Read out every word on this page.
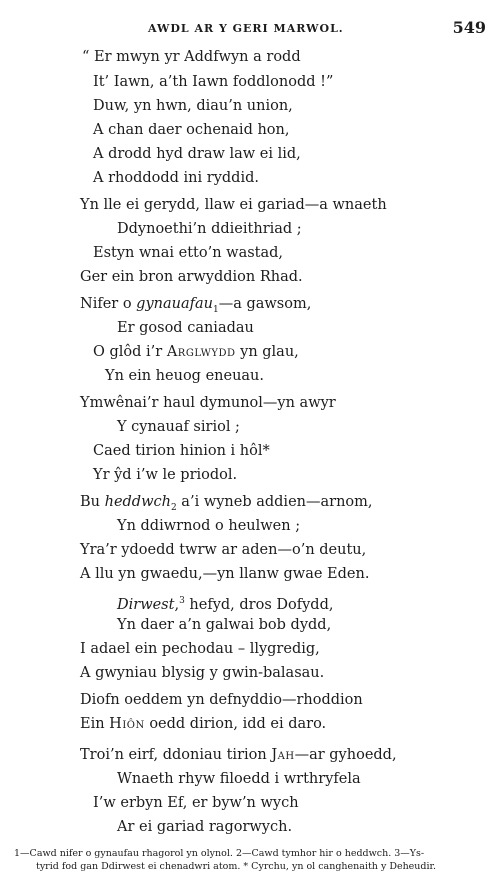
AWDL AR Y GERI MARWOL.	549
“ Er mwyn yr Addfwyn a rodd
It’ Iawn, a’th Iawn foddlonodd !”
Duw, yn hwn, diau’n union,
A chan daer ochenaid hon,
A drodd hyd draw law ei lid,
A rhoddodd ini ryddid.
Yn lle ei gerydd, llaw ei gariad—a wnaeth
Ddynoethi’n ddieithriad ;
Estyn wnai etto’n wastad,
Ger ein bron arwyddion Rhad.
Nifer o gynauafau$_1$—a gawsom,
Er gosod caniadau
O glôd i’r Arglwydd yn glau,
Yn ein heuog eneuau.
Ymwênai’r haul dymunol—yn awyr
Y cynauaf siriol ;
Caed tirion hinion i hôl*
Yr ŷd i’w le priodol.
Bu heddwch$_2$ a’i wyneb addien—arnom,
Yn ddiwrnod o heulwen ;
Yra’r ydoedd twrw ar aden—o’n deutu,
A llu yn gwaedu,—yn llanw gwae Eden.
Dirwest,$^3$ hefyd, dros Dofydd,
Yn daer a’n galwai bob dydd,
I adael ein pechodau – llygredig,
A gwyniau blysig y gwin-balasau.
Diofn oeddem yn defnyddio—rhoddion
Ein Hiôn oedd dirion, idd ei daro.
Troi’n eirf, ddoniau tirion Jah—ar gyhoedd,
Wnaeth rhyw filoedd i wrthryfela
I’w erbyn Ef, er byw’n wych
Ar ei gariad ragorwych.
1—Cawd nifer o gynaufau rhagorol yn olynol. 2—Cawd tymhor hir o heddwch. 3—Ys-
tyrid fod gan Ddirwest ei chenadwri atom. * Cyrchu, yn ol canghenaith y Deheudir.
